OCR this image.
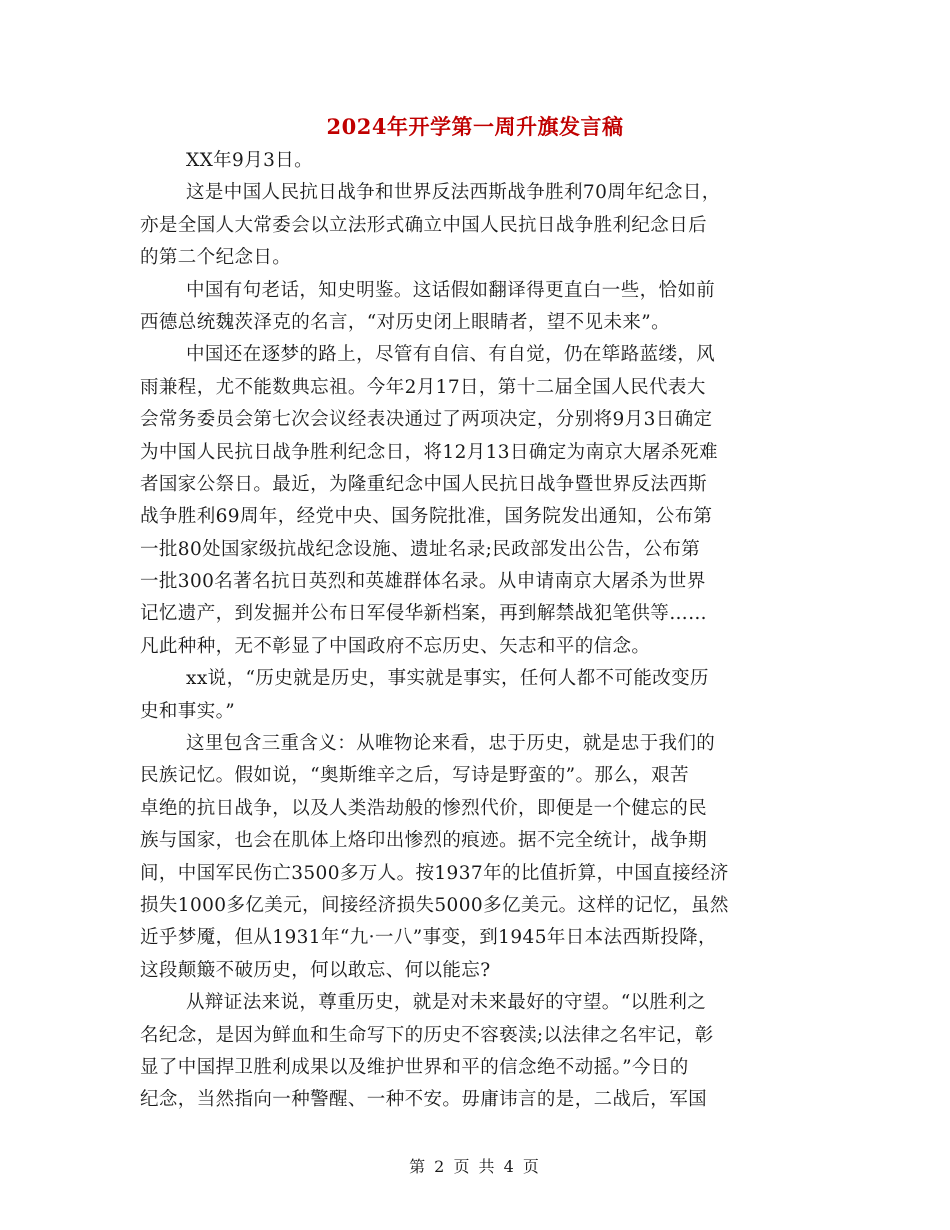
2024年开学第一周升旗发言稿
XX年9月3日。
这是中国人民抗日战争和世界反法西斯战争胜利70周年纪念日，
亦是全国人大常委会以立法形式确立中国人民抗日战争胜利纪念日后
的第二个纪念日。
中国有句老话，知史明鉴。这话假如翻译得更直白一些，恰如前
西德总统魏茨泽克的名言，“对历史闭上眼睛者，望不见未来”。
中国还在逐梦的路上，尽管有自信、有自觉，仍在筚路蓝缕，风
雨兼程，尤不能数典忘祖。今年2月17日，第十二届全国人民代表大
会常务委员会第七次会议经表决通过了两项决定，分别将9月3日确定
为中国人民抗日战争胜利纪念日，将12月13日确定为南京大屠杀死难
者国家公祭日。最近，为隆重纪念中国人民抗日战争暨世界反法西斯
战争胜利69周年，经党中央、国务院批准，国务院发出通知，公布第
一批80处国家级抗战纪念设施、遗址名录;民政部发出公告，公布第
一批300名著名抗日英烈和英雄群体名录。从申请南京大屠杀为世界
记忆遗产，到发掘并公布日军侵华新档案，再到解禁战犯笔供等……
凡此种种，无不彰显了中国政府不忘历史、矢志和平的信念。
xx说，“历史就是历史，事实就是事实，任何人都不可能改变历
史和事实。”
这里包含三重含义：从唯物论来看，忠于历史，就是忠于我们的
民族记忆。假如说，“奥斯维辛之后，写诗是野蛮的”。那么，艰苦
卓绝的抗日战争，以及人类浩劫般的惨烈代价，即便是一个健忘的民
族与国家，也会在肌体上烙印出惨烈的痕迹。据不完全统计，战争期
间，中国军民伤亡3500多万人。按1937年的比值折算，中国直接经济
损失1000多亿美元，间接经济损失5000多亿美元。这样的记忆，虽然
近乎梦魇，但从1931年“九·一八”事变，到1945年日本法西斯投降，
这段颠簸不破历史，何以敢忘、何以能忘?
从辩证法来说，尊重历史，就是对未来最好的守望。“以胜利之
名纪念，是因为鲜血和生命写下的历史不容亵渎;以法律之名牢记，彰
显了中国捍卫胜利成果以及维护世界和平的信念绝不动摇。”今日的
纪念，当然指向一种警醒、一种不安。毋庸讳言的是，二战后，军国
第 2 页 共 4 页
